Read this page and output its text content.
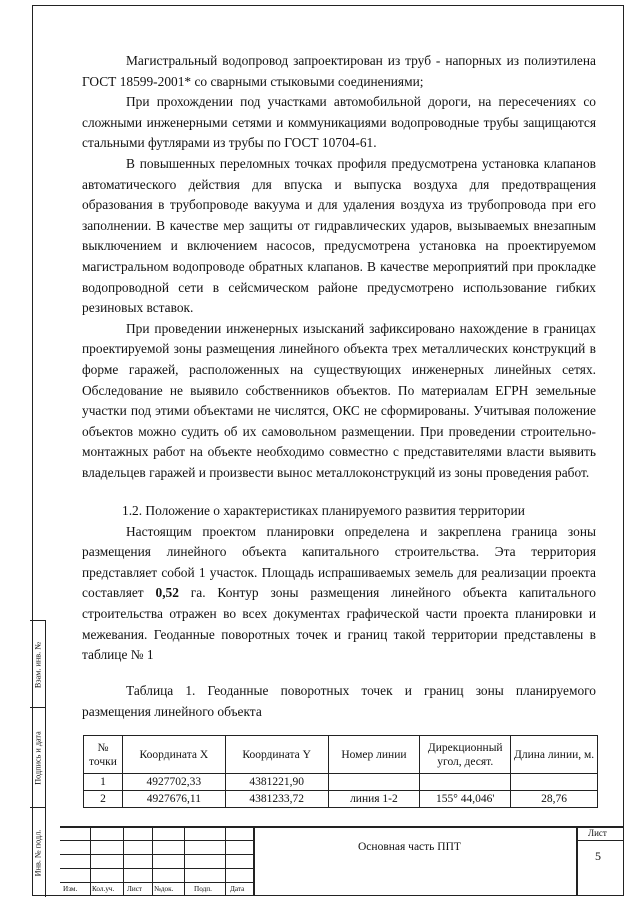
Магистральный водопровод запроектирован из труб - напорных из полиэтилена ГОСТ 18599-2001* со сварными стыковыми соединениями;

При прохождении под участками автомобильной дороги, на пересечениях со сложными инженерными сетями и коммуникациями водопроводные трубы защищаются стальными футлярами из трубы по ГОСТ 10704-61.

В повышенных переломных точках профиля предусмотрена установка клапанов автоматического действия для впуска и выпуска воздуха для предотвращения образования в трубопроводе вакуума и для удаления воздуха из трубопровода при его заполнении. В качестве мер защиты от гидравлических ударов, вызываемых внезапным выключением и включением насосов, предусмотрена установка на проектируемом магистральном водопроводе обратных клапанов. В качестве мероприятий при прокладке водопроводной сети в сейсмическом районе предусмотрено использование гибких резиновых вставок.

При проведении инженерных изысканий зафиксировано нахождение в границах проектируемой зоны размещения линейного объекта трех металлических конструкций в форме гаражей, расположенных на существующих инженерных линейных сетях. Обследование не выявило собственников объектов. По материалам ЕГРН земельные участки под этими объектами не числятся, ОКС не сформированы. Учитывая положение объектов можно судить об их самовольном размещении. При проведении строительно-монтажных работ на объекте необходимо совместно с представителями власти выявить владельцев гаражей и произвести вынос металлоконструкций из зоны проведения работ.

1.2. Положение о характеристиках планируемого развития территории

Настоящим проектом планировки определена и закреплена граница зоны размещения линейного объекта капитального строительства. Эта территория представляет собой 1 участок. Площадь испрашиваемых земель для реализации проекта составляет 0,52 га. Контур зоны размещения линейного объекта капитального строительства отражен во всех документах графической части проекта планировки и межевания. Геоданные поворотных точек и границ такой территории представлены в таблице № 1

Таблица 1. Геоданные поворотных точек и границ зоны планируемого размещения линейного объекта

№ точки	Координата X	Координата Y	Номер линии	Дирекционный угол, десят.	Длина линии, м.
1	4927702,33	4381221,90			
2	4927676,11	4381233,72	линия 1-2	155° 44,046'	28,76
Взам. инв. №
Подпись и дата
Инв. № подл.
Изм. Кол.уч. Лист №док.	Подп.	Дата
Основная часть ППТ
Лист
5
